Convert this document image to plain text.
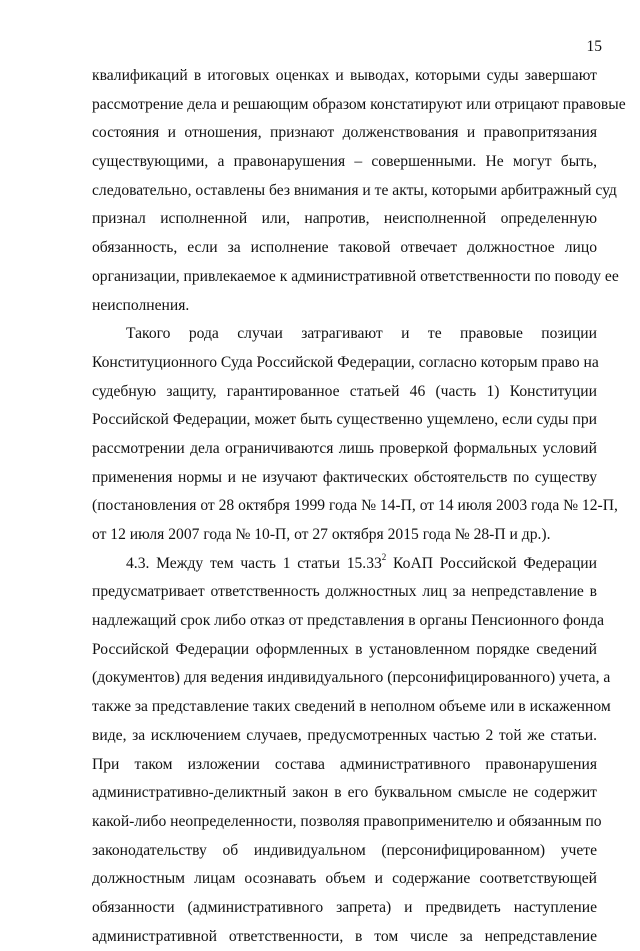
15
квалификаций в итоговых оценках и выводах, которыми суды завершают
рассмотрение дела и решающим образом констатируют или отрицают правовые
состояния и отношения, признают долженствования и правопритязания
существующими, а правонарушения – совершенными. Не могут быть,
следовательно, оставлены без внимания и те акты, которыми арбитражный суд
признал исполненной или, напротив, неисполненной определенную
обязанность, если за исполнение таковой отвечает должностное лицо
организации, привлекаемое к административной ответственности по поводу ее
неисполнения.
Такого рода случаи затрагивают и те правовые позиции
Конституционного Суда Российской Федерации, согласно которым право на
судебную защиту, гарантированное статьей 46 (часть 1) Конституции
Российской Федерации, может быть существенно ущемлено, если суды при
рассмотрении дела ограничиваются лишь проверкой формальных условий
применения нормы и не изучают фактических обстоятельств по существу
(постановления от 28 октября 1999 года № 14-П, от 14 июля 2003 года № 12-П,
от 12 июля 2007 года № 10-П, от 27 октября 2015 года № 28-П и др.).
4.3. Между тем часть 1 статьи 15.33$^2$ КоАП Российской Федерации
предусматривает ответственность должностных лиц за непредставление в
надлежащий срок либо отказ от представления в органы Пенсионного фонда
Российской Федерации оформленных в установленном порядке сведений
(документов) для ведения индивидуального (персонифицированного) учета, а
также за представление таких сведений в неполном объеме или в искаженном
виде, за исключением случаев, предусмотренных частью 2 той же статьи.
При таком изложении состава административного правонарушения
административно-деликтный закон в его буквальном смысле не содержит
какой-либо неопределенности, позволяя правоприменителю и обязанным по
законодательству об индивидуальном (персонифицированном) учете
должностным лицам осознавать объем и содержание соответствующей
обязанности (административного запрета) и предвидеть наступление
административной ответственности, в том числе за непредставление
